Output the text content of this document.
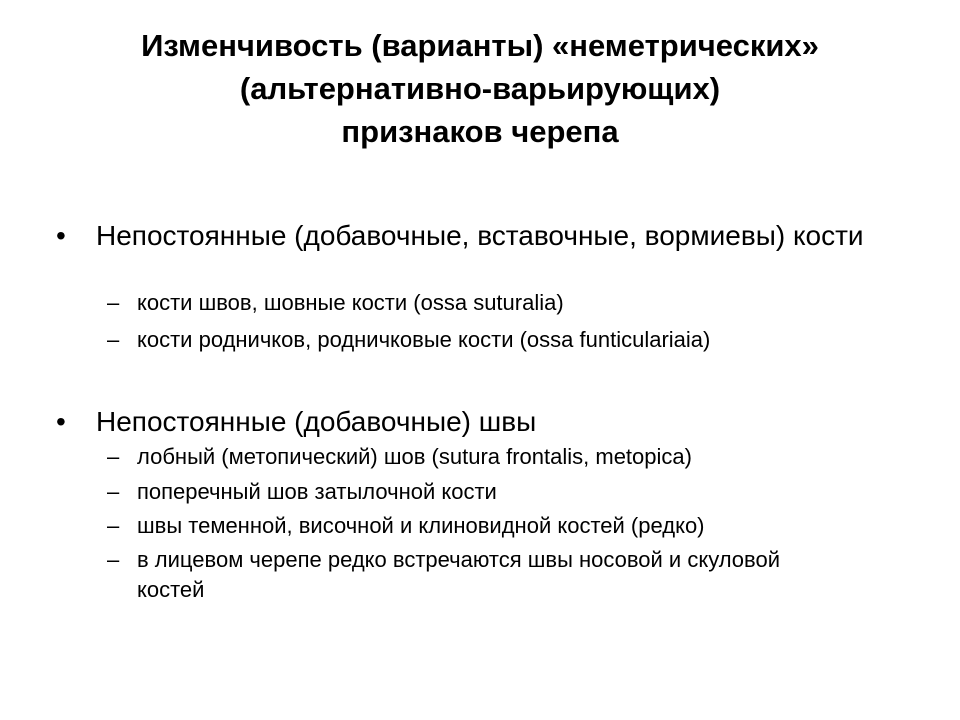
Изменчивость (варианты) «неметрических»
(альтернативно-варьирующих)
признаков черепа
• Непостоянные (добавочные, вставочные, вормиевы) кости
– кости швов, шовные кости (ossa suturalia)
– кости родничков, родничковые кости (ossa funticulariaia)
• Непостоянные (добавочные) швы
– лобный (метопический) шов (sutura frontalis, metopica)
– поперечный шов затылочной кости
– швы теменной, височной и клиновидной костей (редко)
– в лицевом черепе редко встречаются швы носовой и скуловой костей
